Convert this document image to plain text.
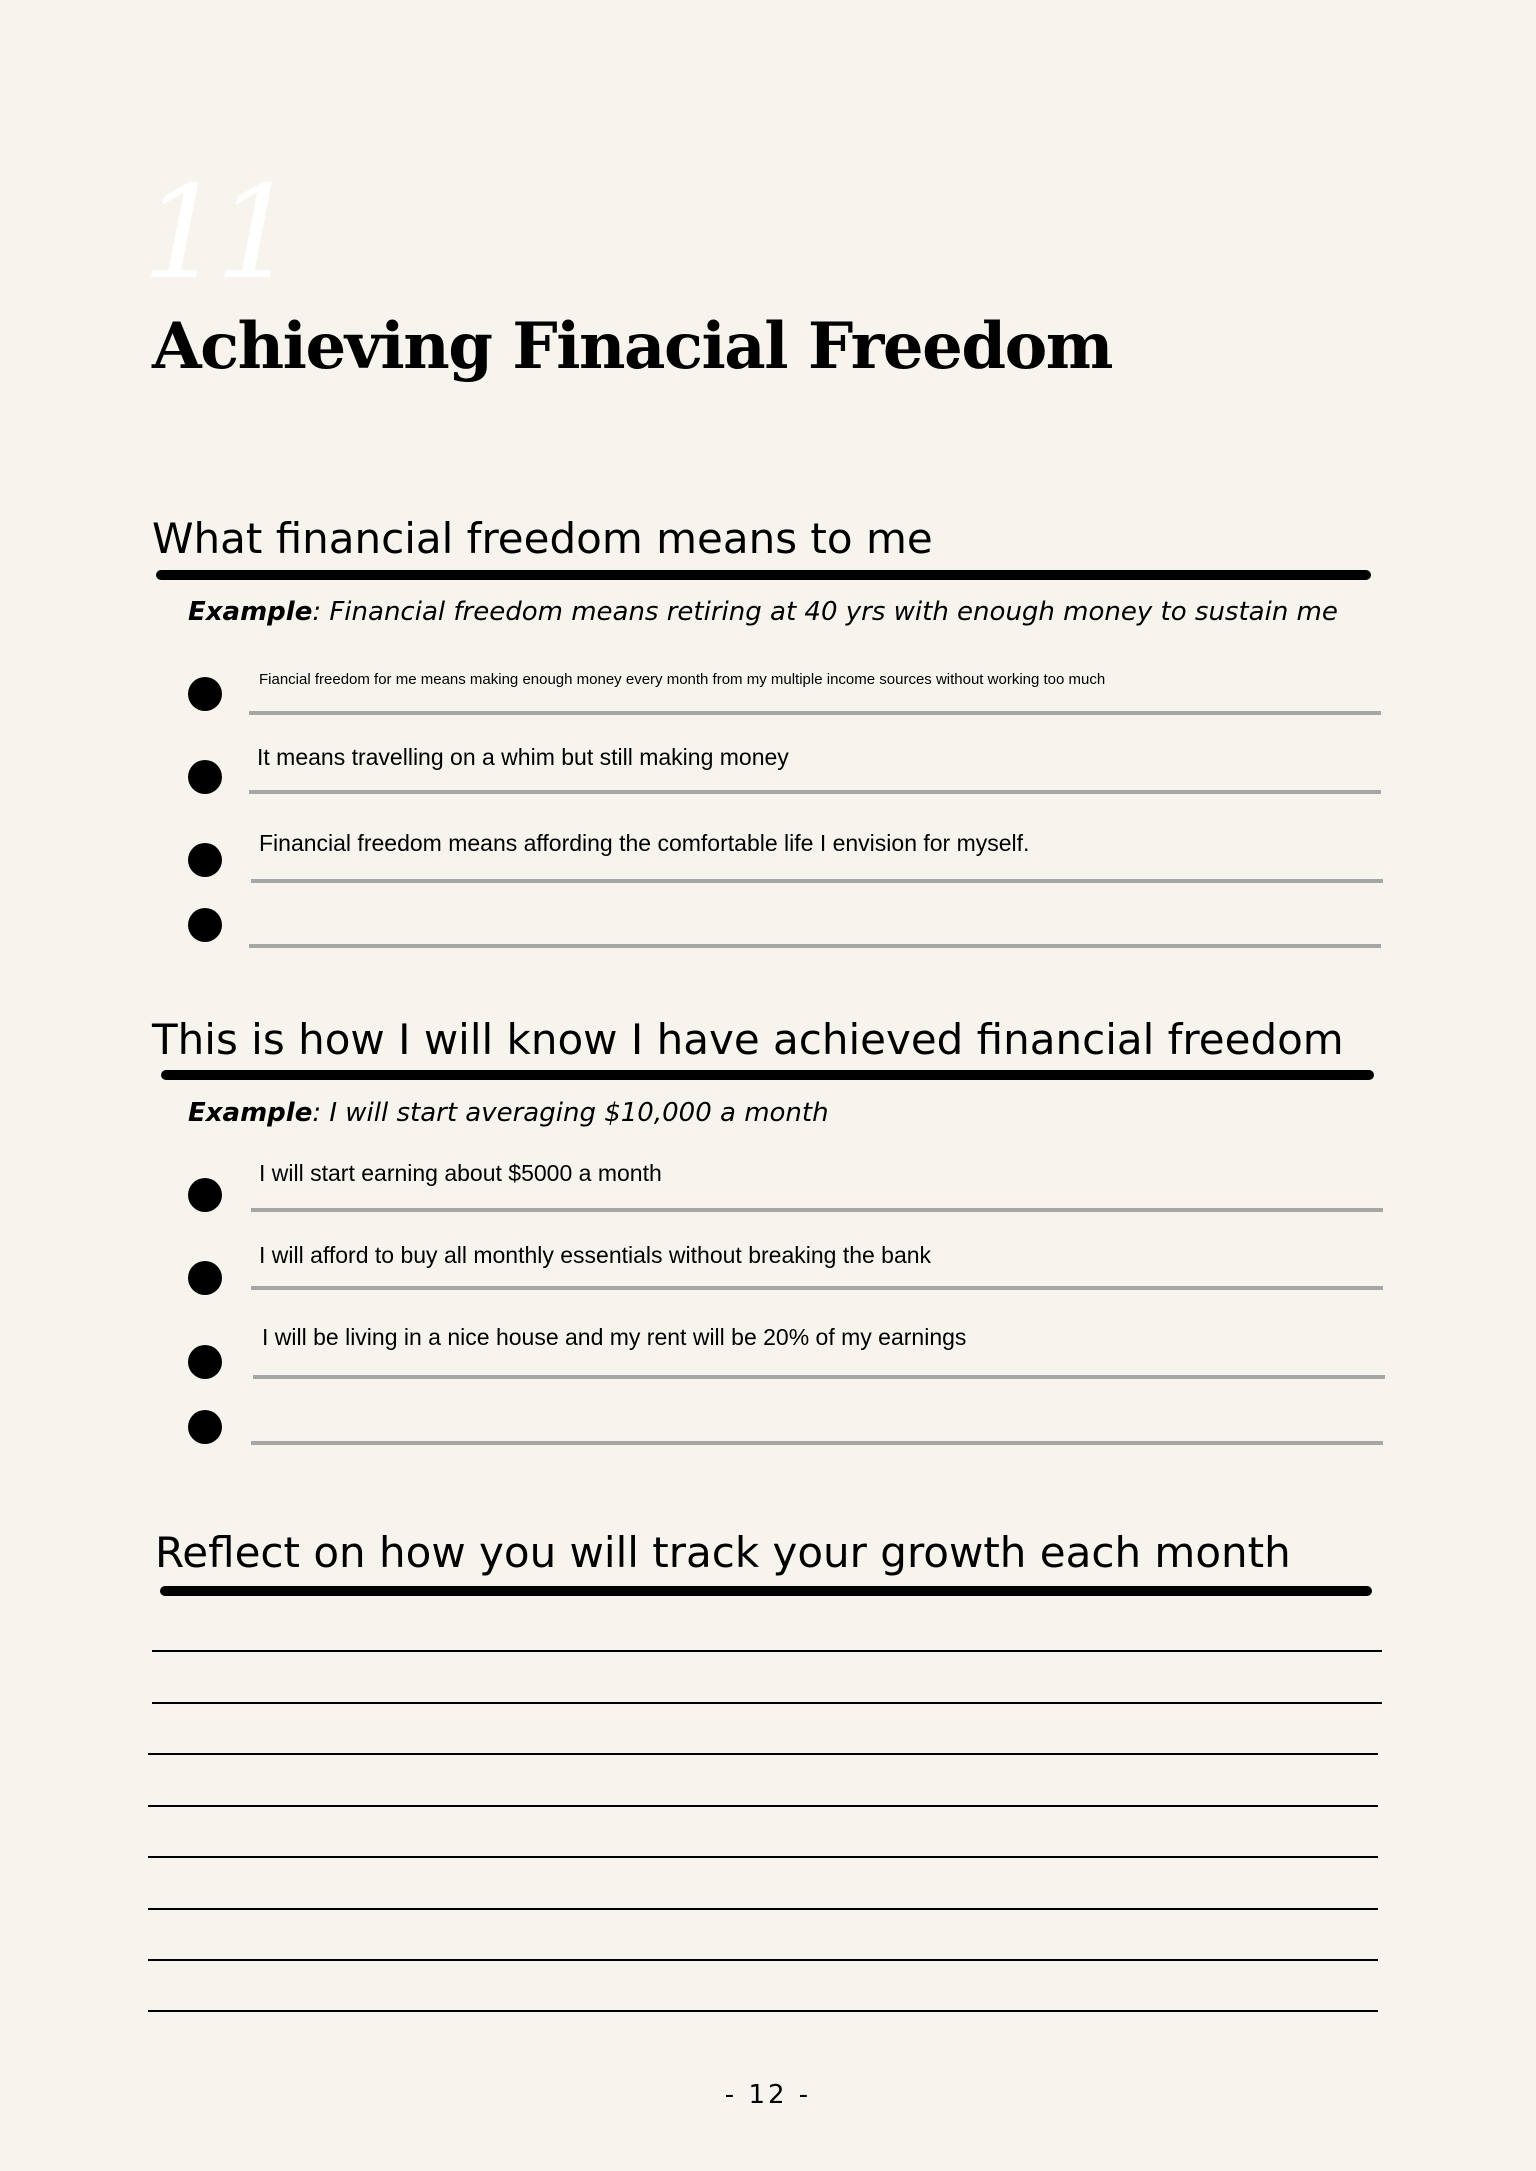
11
Achieving Finacial Freedom
What financial freedom means to me
Example: Financial freedom means retiring at 40 yrs with enough money to sustain me
Fiancial freedom for me means making enough money every month from my multiple income sources without working too much
It means travelling on a whim but still making money
Financial freedom means affording the comfortable life I envision for myself.
This is how I will know I have achieved financial freedom
Example: I will start averaging $10,000 a month
I will start earning about $5000 a month
I will afford to buy all monthly essentials without breaking the bank
I will be living in a nice house and my rent will be 20% of my earnings
Reflect on how you will track your growth each month
- 12 -
